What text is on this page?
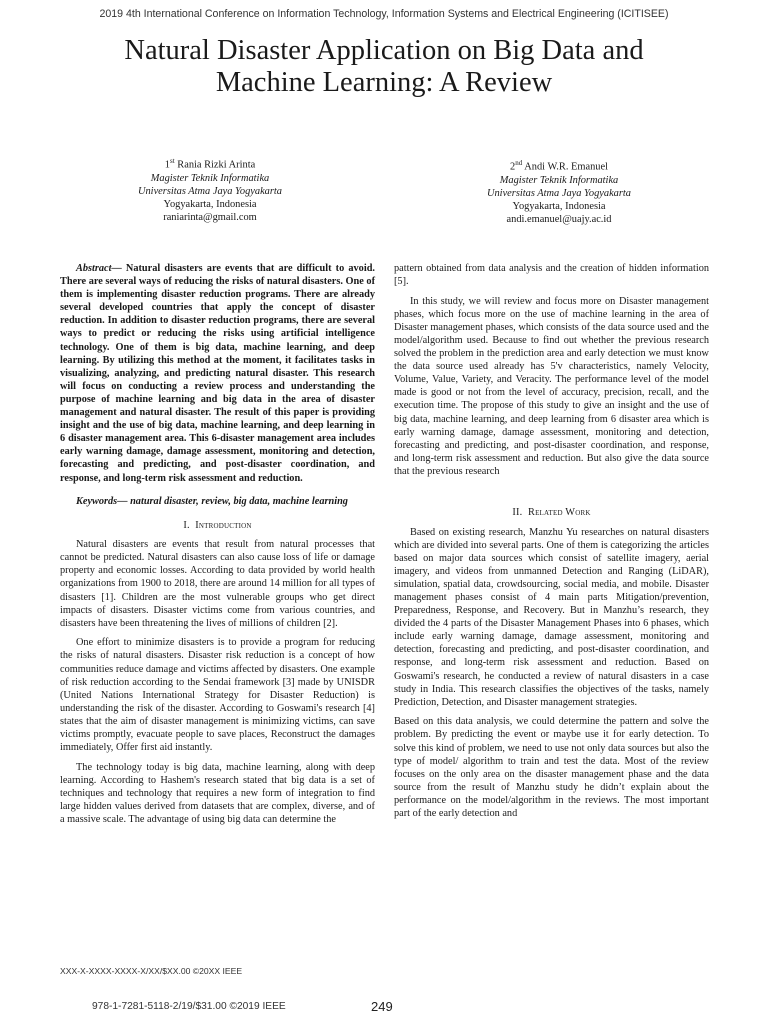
2019 4th International Conference on Information Technology, Information Systems and Electrical Engineering (ICITISEE)
Natural Disaster Application on Big Data and
Machine Learning: A Review
1st Rania Rizki Arinta
Magister Teknik Informatika
Universitas Atma Jaya Yogyakarta
Yogyakarta, Indonesia
raniarinta@gmail.com
2nd Andi W.R. Emanuel
Magister Teknik Informatika
Universitas Atma Jaya Yogyakarta
Yogyakarta, Indonesia
andi.emanuel@uajy.ac.id

Abstract— Natural disasters are events that are difficult to avoid. There are several ways of reducing the risks of natural disasters. One of them is implementing disaster reduction programs. There are already several developed countries that apply the concept of disaster reduction. In addition to disaster reduction programs, there are several ways to predict or reducing the risks using artificial intelligence technology. One of them is big data, machine learning, and deep learning. By utilizing this method at the moment, it facilitates tasks in visualizing, analyzing, and predicting natural disaster. This research will focus on conducting a review process and understanding the purpose of machine learning and big data in the area of disaster management and natural disaster. The result of this paper is providing insight and the use of big data, machine learning, and deep learning in 6 disaster management area. This 6-disaster management area includes early warning damage, damage assessment, monitoring and detection, forecasting and predicting, and post-disaster coordination, and response, and long-term risk assessment and reduction.

Keywords— natural disaster, review, big data, machine learning

I. Introduction

Natural disasters are events that result from natural processes that cannot be predicted. Natural disasters can also cause loss of life or damage property and economic losses. According to data provided by world health organizations from 1900 to 2018, there are around 14 million for all types of disasters [1]. Children are the most vulnerable groups who get direct impacts of disasters. Disaster victims come from various countries, and disasters have been threatening the lives of millions of children [2].

One effort to minimize disasters is to provide a program for reducing the risks of natural disasters. Disaster risk reduction is a concept of how communities reduce damage and victims affected by disasters. One example of risk reduction according to the Sendai framework [3] made by UNISDR (United Nations International Strategy for Disaster Reduction) is understanding the risk of the disaster. According to Goswami's research [4] states that the aim of disaster management is minimizing victims, can save victims promptly, evacuate people to save places, Reconstruct the damages immediately, Offer first aid instantly.

The technology today is big data, machine learning, along with deep learning. According to Hashem's research stated that big data is a set of techniques and technology that requires a new form of integration to find large hidden values derived from datasets that are complex, diverse, and of a massive scale. The advantage of using big data can determine the

pattern obtained from data analysis and the creation of hidden information [5].

In this study, we will review and focus more on Disaster management phases, which focus more on the use of machine learning in the area of Disaster management phases, which consists of the data source used and the model/algorithm used. Because to find out whether the previous research solved the problem in the prediction area and early detection we must know the data source used already has 5'v characteristics, namely Velocity, Volume, Value, Variety, and Veracity. The performance level of the model made is good or not from the level of accuracy, precision, recall, and the execution time. The propose of this study to give an insight and the use of big data, machine learning, and deep learning from 6 disaster area which is early warning damage, damage assessment, monitoring and detection, forecasting and predicting, and post-disaster coordination, and response, and long-term risk assessment and reduction. But also give the data source that the previous research

II. Related Work

Based on existing research, Manzhu Yu researches on natural disasters which are divided into several parts. One of them is categorizing the articles based on major data sources which consist of satellite imagery, aerial imagery, and videos from unmanned Detection and Ranging (LiDAR), simulation, spatial data, crowdsourcing, social media, and mobile. Disaster management phases consist of 4 main parts Mitigation/prevention, Preparedness, Response, and Recovery. But in Manzhu’s research, they divided the 4 parts of the Disaster Management Phases into 6 phases, which include early warning damage, damage assessment, monitoring and detection, forecasting and predicting, and post-disaster coordination, and response, and long-term risk assessment and reduction. Based on Goswami's research, he conducted a review of natural disasters in a case study in India. This research classifies the objectives of the tasks, namely Prediction, Detection, and Disaster management strategies.

Based on this data analysis, we could determine the pattern and solve the problem. By predicting the event or maybe use it for early detection. To solve this kind of problem, we need to use not only data sources but also the type of model/ algorithm to train and test the data. Most of the review focuses on the only area on the disaster management phase and the data source from the result of Manzhu study he didn’t explain about the performance on the model/algorithm in the reviews. The most important part of the early detection and

XXX-X-XXXX-XXXX-X/XX/$XX.00 ©20XX IEEE
978-1-7281-5118-2/19/$31.00 ©2019 IEEE	249
